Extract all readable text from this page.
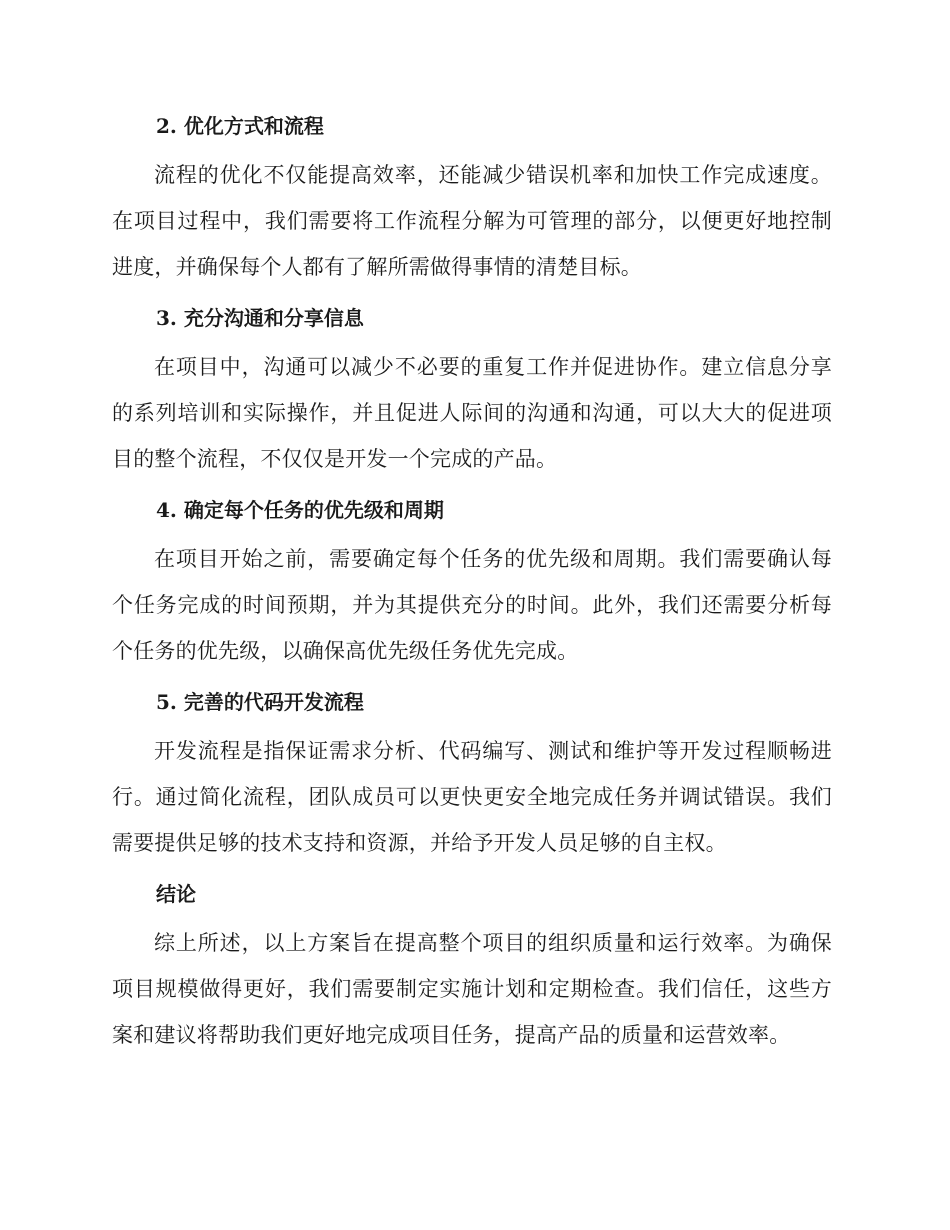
2. 优化方式和流程

流程的优化不仅能提高效率，还能减少错误机率和加快工作完成速度。在项目过程中，我们需要将工作流程分解为可管理的部分，以便更好地控制进度，并确保每个人都有了解所需做得事情的清楚目标。

3. 充分沟通和分享信息

在项目中，沟通可以减少不必要的重复工作并促进协作。建立信息分享的系列培训和实际操作，并且促进人际间的沟通和沟通，可以大大的促进项目的整个流程，不仅仅是开发一个完成的产品。

4. 确定每个任务的优先级和周期

在项目开始之前，需要确定每个任务的优先级和周期。我们需要确认每个任务完成的时间预期，并为其提供充分的时间。此外，我们还需要分析每个任务的优先级，以确保高优先级任务优先完成。

5. 完善的代码开发流程

开发流程是指保证需求分析、代码编写、测试和维护等开发过程顺畅进行。通过简化流程，团队成员可以更快更安全地完成任务并调试错误。我们需要提供足够的技术支持和资源，并给予开发人员足够的自主权。

结论

综上所述，以上方案旨在提高整个项目的组织质量和运行效率。为确保项目规模做得更好，我们需要制定实施计划和定期检查。我们信任，这些方案和建议将帮助我们更好地完成项目任务，提高产品的质量和运营效率。
